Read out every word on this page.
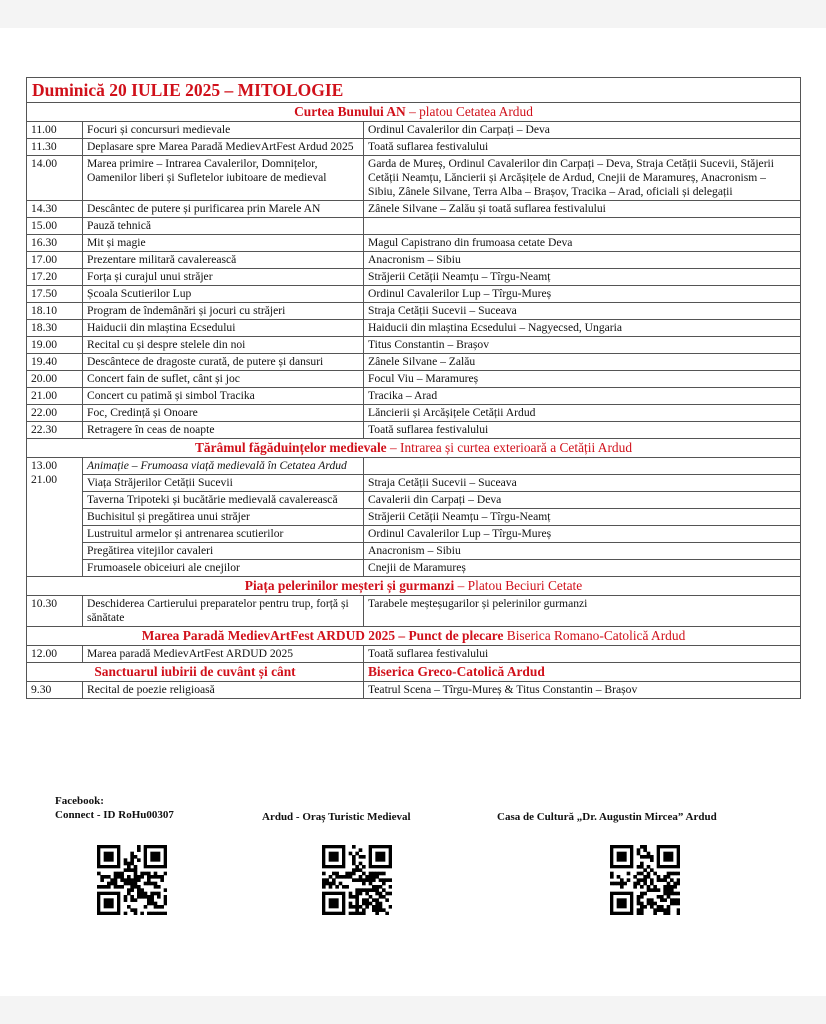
Duminică 20 IULIE 2025 – MITOLOGIE		
Curtea Bunului AN – platou Cetatea Ardud		
11.00	Focuri și concursuri medievale	Ordinul Cavalerilor din Carpați – Deva
11.30	Deplasare spre Marea Paradă MedievArtFest Ardud 2025	Toată suflarea festivalului
14.00	Marea primire – Intrarea Cavalerilor, Domnițelor, Oamenilor liberi și Sufletelor iubitoare de medieval	Garda de Mureș, Ordinul Cavalerilor din Carpați – Deva, Straja Cetății Sucevii, Stăjerii Cetății Neamțu, Lăncierii și Arcășițele de Ardud, Cnejii de Maramureș, Anacronism – Sibiu, Zânele Silvane, Terra Alba – Brașov, Tracika – Arad, oficiali și delegații
14.30	Descântec de putere și purificarea prin Marele AN	Zânele Silvane – Zalău și toată suflarea festivalului
15.00	Pauză tehnică	
16.30	Mit și magie	Magul Capistrano din frumoasa cetate Deva
17.00	Prezentare militară cavalerească	Anacronism – Sibiu
17.20	Forța și curajul unui străjer	Străjerii Cetății Neamțu – Tîrgu-Neamț
17.50	Școala Scutierilor Lup	Ordinul Cavalerilor Lup – Tîrgu-Mureș
18.10	Program de îndemânări și jocuri cu străjeri	Straja Cetății Sucevii – Suceava
18.30	Haiducii din mlaștina Ecsedului	Haiducii din mlaștina Ecsedului – Nagyecsed, Ungaria
19.00	Recital cu și despre stelele din noi	Titus Constantin – Brașov
19.40	Descântece de dragoste curată, de putere și dansuri	Zânele Silvane – Zalău
20.00	Concert fain de suflet, cânt și joc	Focul Viu – Maramureș
21.00	Concert cu patimă și simbol Tracika	Tracika – Arad
22.00	Foc, Credință și Onoare	Lăncierii și Arcășițele Cetății Ardud
22.30	Retragere în ceas de noapte	Toată suflarea festivalului
Tărâmul făgăduințelor medievale – Intrarea și curtea exterioară a Cetății Ardud		

13.00
21.00	Animație – Frumoasa viață medievală în Cetatea Ardud	
	Viața Străjerilor Cetății Sucevii	Straja Cetății Sucevii – Suceava
	Taverna Tripoteki și bucătărie medievală cavalerească	Cavalerii din Carpați – Deva
	Buchisitul și pregătirea unui străjer	Străjerii Cetății Neamțu – Tîrgu-Neamț
	Lustruitul armelor și antrenarea scutierilor	Ordinul Cavalerilor Lup – Tîrgu-Mureș
	Pregătirea vitejilor cavaleri	Anacronism – Sibiu
	Frumoasele obiceiuri ale cnejilor	Cnejii de Maramureș
Piața pelerinilor meșteri și gurmanzi – Platou Beciuri Cetate		
10.30	Deschiderea Cartierului preparatelor pentru trup, forță și sănătate	Tarabele meșteșugarilor și pelerinilor gurmanzi
Marea Paradă MedievArtFest ARDUD 2025 – Punct de plecare Biserica Romano-Catolică Ardud		
12.00	Marea paradă MedievArtFest ARDUD 2025	Toată suflarea festivalului
Sanctuarul iubirii de cuvânt și cânt		Biserica Greco-Catolică Ardud
9.30	Recital de poezie religioasă	Teatrul Scena – Tîrgu-Mureș & Titus Constantin – Brașov
Facebook:
Connect - ID RoHu00307	Ardud - Oraș Turistic Medieval	Casa de Cultură „Dr. Augustin Mircea” Ardud
